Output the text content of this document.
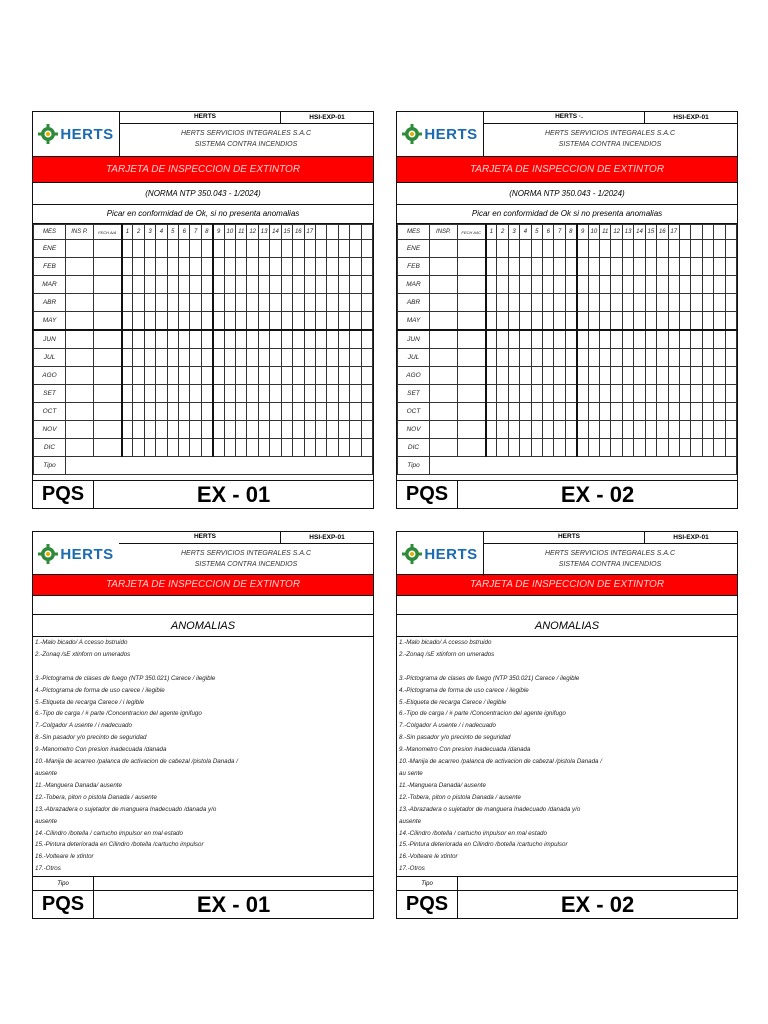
HERTS
HERTS	HSI-EXP-01
HERTS SERVICIOS INTEGRALES S.A.C
SISTEMA CONTRA INCENDIOS
TARJETA DE INSPECCION DE EXTINTOR
(NORMA NTP 350.043 - 1/2024)
Picar en conformidad de Ok, si no presenta anomalias
MES	INS P.	FECH A/A	1	2	3	4	5	6	7	8	9	10	11	12	13	14	15	16	17					
ENE																								
FEB																								
MAR																								
ABR																								
MAY																								
JUN																								
JUL																								
AGO																								
SET																								
OCT																								
NOV																								
DIC																								
Tipo																								
PQS	EX - 01
HERTS
HERTS ·.	HSI-EXP-01
HERTS SERVICIOS INTEGRALES S.A.C
SISTEMA CONTRA INCENDIOS
TARJETA DE INSPECCION DE EXTINTOR
(NORMA NTP 350.043 - 1/2024)
Picar en conformidad de Ok si no presenta anomalias
MES	INSP.	FECH A/IC	1	2	3	4	5	6	7	8	9	10	11	12	13	14	15	16	17					
ENE																								
FEB																								
MAR																								
ABR																								
MAY																								
JUN																								
JUL																								
AGO																								
SET																								
OCT																								
NOV																								
DIC																								
Tipo																								
PQS	EX - 02
HERTS
HERTS	HSI-EXP-01
HERTS SERVICIOS INTEGRALES S.A.C
SISTEMA CONTRA INCENDIOS
TARJETA DE INSPECCION DE EXTINTOR
ANOMALIAS
1.-Malo bicado/ A ccesso bstruido
2.-Zonaq /sE xtinforn on umerados

3.-Pictograma de clases de fuego (NTP 350.021) Carece / ilegible
4.-Pictograma de forma de uso carece / ilegible
5.-Etiqueta de recarga Carece / i legible
6.-Tipo de carga / # parte /Concentracion del agente ignifugo
7.-Colgador A usente / i nadecuado
8.-Sin pasador y/o precinto de seguridad
9.-Manometro Con presion inadecuada /danada
10.-Manija de acarreo /palanca de activacion de cabezal /pistola Danada /
ausente
11.-Manguera Danada/ ausente
12.-Tobera, piton o pistola Danada / ausente
13.-Abrazadera o sujetador de manguera Inadecuado /danada y/o
ausente
14.-Cilindro /botella / cartucho impulsor en mal estado
15.-Pintura deteriorada en Cilindro /botella /cartucho impulsor
16.-Volteare le xtintor
17.-Otros
Tipo
PQS	EX - 01
HERTS
HERTS	HSI-EXP-01
HERTS SERVICIOS INTEGRALES S.A.C
SISTEMA CONTRA INCENDIOS
TARJETA DE INSPECCION DE EXTINTOR
ANOMALIAS
1.-Malo bicado/ A ccesso bstruido
2.-Zonaq /sE xtinforn on umerados

3.-Pictograma de clases de fuego (NTP 350.021) Carece / ilegible
4.-Pictograma de forma de uso carece / ilegible
5.-Etiqueta de recarga Carece / ilegible
6.-Tipo de carga / # parte /Concentracion del agente ignifugo
7.-Colgador A usente / i nadecuado
8.-Sin pasador y/o precinto de seguridad
9.-Manometro Con presion inadecuada /danada
10.-Manija de acarreo /palanca de activacion de cabezal /pistola Danada /
au sente
11.-Manguera Danada/ ausente
12.-Tobera, piton o pistola Danada / ausente
13.-Abrazadera o sujetador de manguera Inadecuado /danada y/o
ausente
14.-Cilindro /botella / cartucho impulsor en mal estado
15.-Pintura deteriorada en Cilindro /botella /cartucho impulsor
16.-Volteare le xtintor
17.-Otros
Tipo
PQS	EX - 02
